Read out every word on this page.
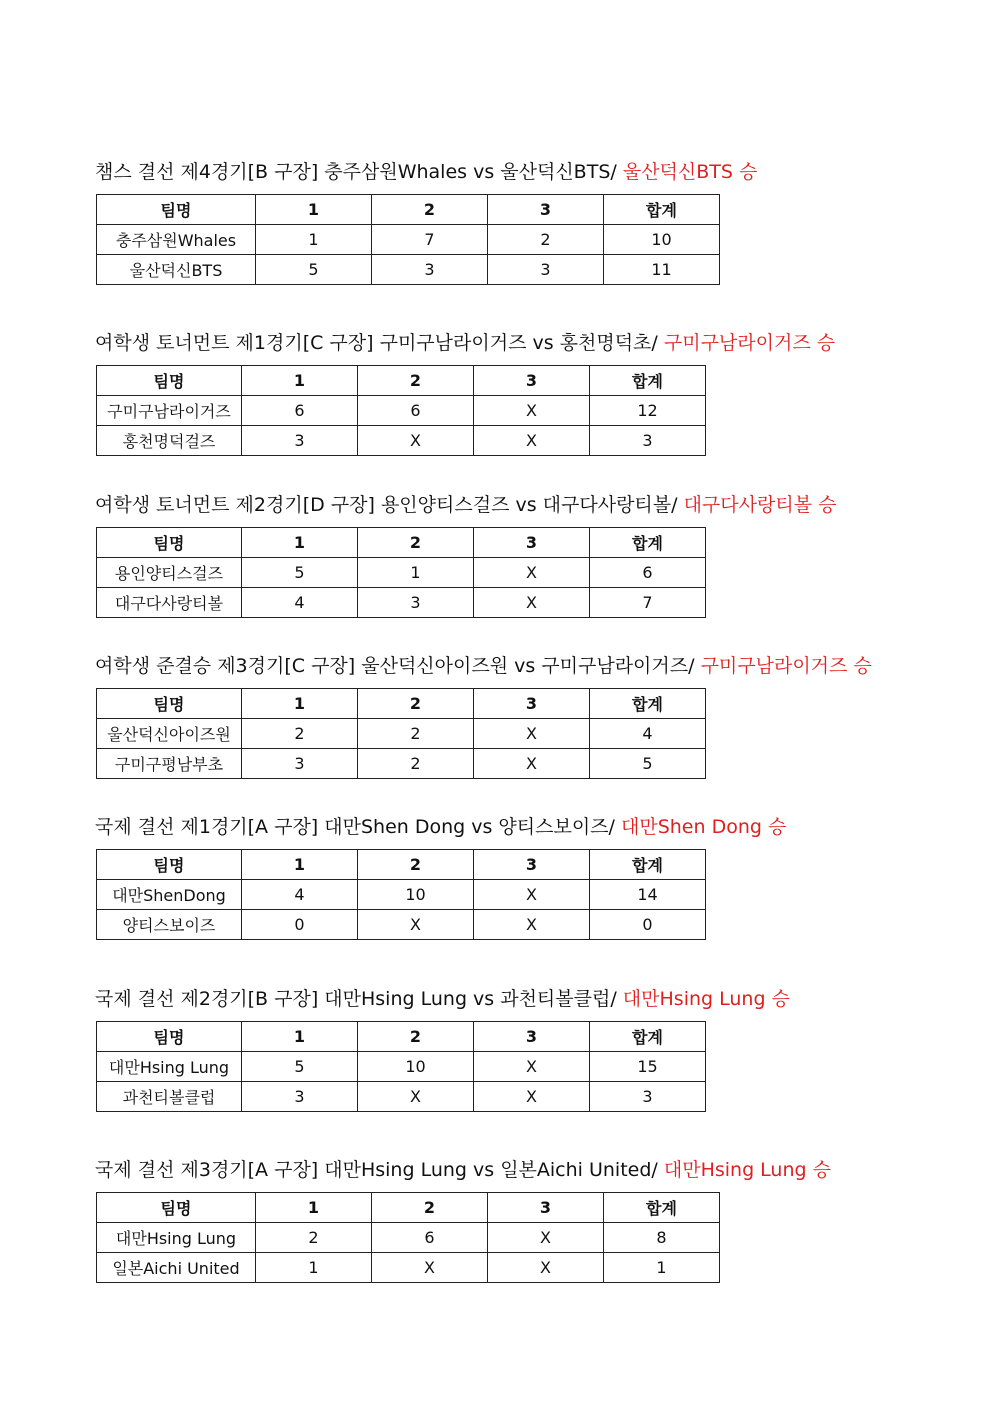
챔스 결선 제4경기[B 구장] 충주삼원Whales vs 울산덕신BTS/ 울산덕신BTS 승
팀명	1	2	3	합계
충주삼원Whales	1	7	2	10
울산덕신BTS	5	3	3	11
여학생 토너먼트 제1경기[C 구장] 구미구남라이거즈 vs 홍천명덕초/ 구미구남라이거즈 승
팀명	1	2	3	합계
구미구남라이거즈	6	6	X	12
홍천명덕걸즈	3	X	X	3
여학생 토너먼트 제2경기[D 구장] 용인양티스걸즈 vs 대구다사랑티볼/ 대구다사랑티볼 승
팀명	1	2	3	합계
용인양티스걸즈	5	1	X	6
대구다사랑티볼	4	3	X	7
여학생 준결승 제3경기[C 구장] 울산덕신아이즈원 vs 구미구남라이거즈/ 구미구남라이거즈 승
팀명	1	2	3	합계
울산덕신아이즈원	2	2	X	4
구미구평남부초	3	2	X	5
국제 결선 제1경기[A 구장] 대만Shen Dong vs 양티스보이즈/ 대만Shen Dong 승
팀명	1	2	3	합계
대만ShenDong	4	10	X	14
양티스보이즈	0	X	X	0
국제 결선 제2경기[B 구장] 대만Hsing Lung vs 과천티볼클럽/ 대만Hsing Lung 승
팀명	1	2	3	합계
대만Hsing Lung	5	10	X	15
과천티볼클럽	3	X	X	3
국제 결선 제3경기[A 구장] 대만Hsing Lung vs 일본Aichi United/ 대만Hsing Lung 승
팀명	1	2	3	합계
대만Hsing Lung	2	6	X	8
일본Aichi United	1	X	X	1
